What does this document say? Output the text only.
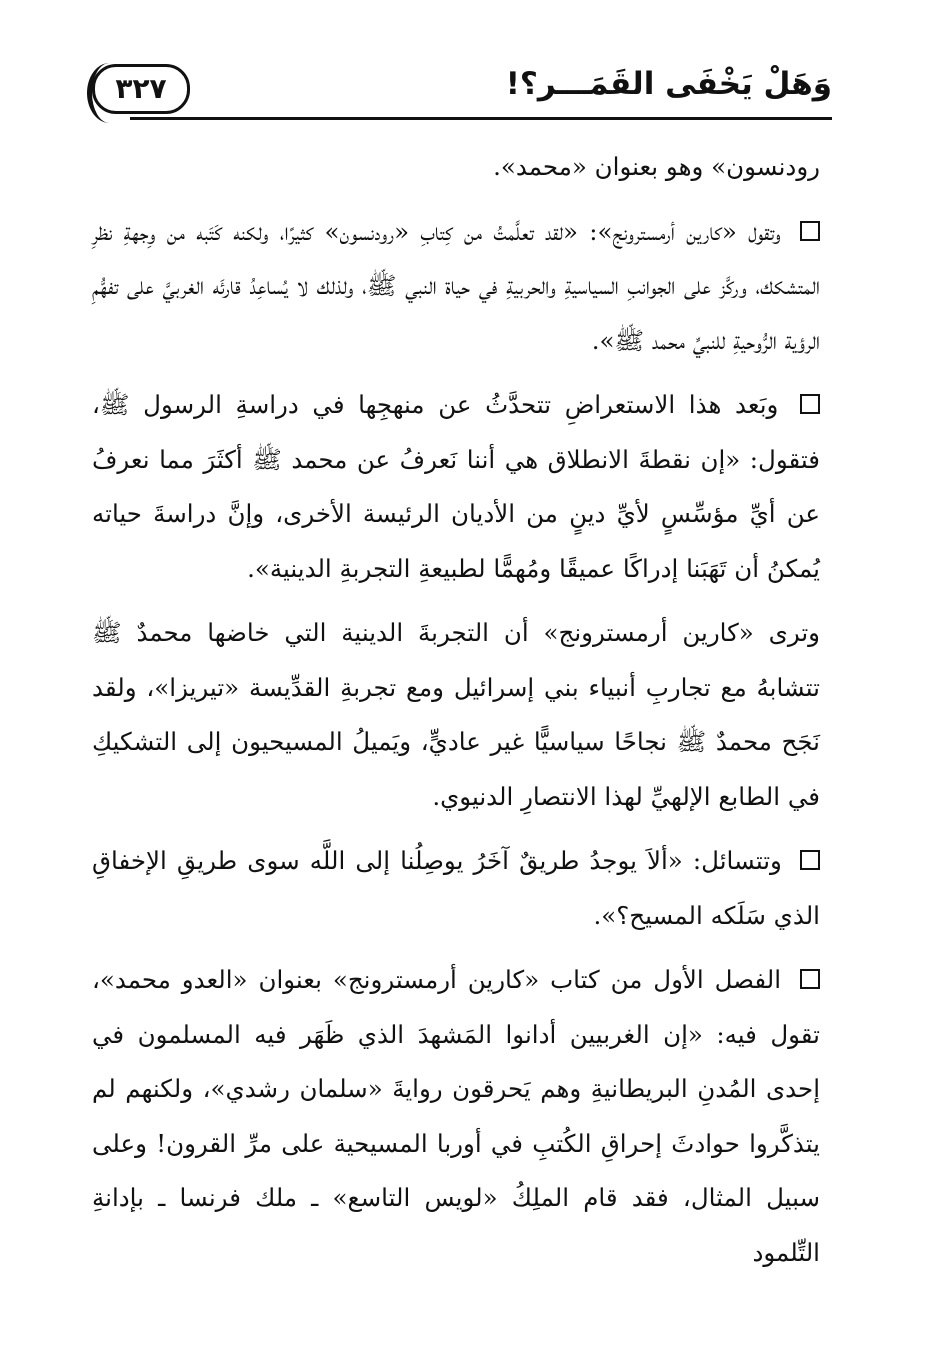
٣٢٧	وَهَلْ يَخْفَى القَمَـــر؟!

رودنسون» وهو بعنوان «محمد».

وتقول «كارين أرمسترونج»: «لقد تعلَّمتُ من كِتابِ «رودنسون» كثيرًا، ولكنه كَتَبه من وِجهةِ نظرِ المتشكك، وركَّز على الجوانبِ السياسيةِ والحربيةِ في حياة النبي ﷺ، ولذلك لا يُساعِدُ قارئَه الغربيَّ على تفهُّمِ الرؤية الرُّوحيةِ للنبيِّ محمد ﷺ».

وبَعد هذا الاستعراضِ تتحدَّثُ عن منهجِها في دراسةِ الرسول ﷺ، فتقول: «إن نقطةَ الانطلاق هي أننا نَعرفُ عن محمد ﷺ أكثَرَ مما نعرفُ عن أيِّ مؤسِّسٍ لأيِّ دينٍ من الأديان الرئيسة الأخرى، وإنَّ دراسةَ حياته يُمكنُ أن تَهَبَنا إدراكًا عميقًا ومُهمًّا لطبيعةِ التجربةِ الدينية».

وترى «كارين أرمسترونج» أن التجربةَ الدينية التي خاضها محمدٌ ﷺ تتشابهُ مع تجاربِ أنبياء بني إسرائيل ومع تجربةِ القدِّيسة «تيريزا»، ولقد نَجَح محمدٌ ﷺ نجاحًا سياسيًّا غير عاديٍّ، ويَميلُ المسيحيون إلى التشكيكِ في الطابع الإلهيِّ لهذا الانتصارِ الدنيوي.

وتتسائل: «ألاَ يوجدُ طريقٌ آخَرُ يوصِلُنا إلى اللَّه سوى طريقِ الإخفاقِ الذي سَلَكه المسيح؟».

الفصل الأول من كتاب «كارين أرمسترونج» بعنوان «العدو محمد»، تقول فيه: «إن الغربيين أدانوا المَشهدَ الذي ظَهَر فيه المسلمون في إحدى المُدنِ البريطانيةِ وهم يَحرقون روايةَ «سلمان رشدي»، ولكنهم لم يتذكَّروا حوادثَ إحراقِ الكُتبِ في أوربا المسيحية على مرِّ القرون! وعلى سبيل المثال، فقد قام الملِكُ «لويس التاسع» ـ ملك فرنسا ـ بإدانةِ التِّلمود
